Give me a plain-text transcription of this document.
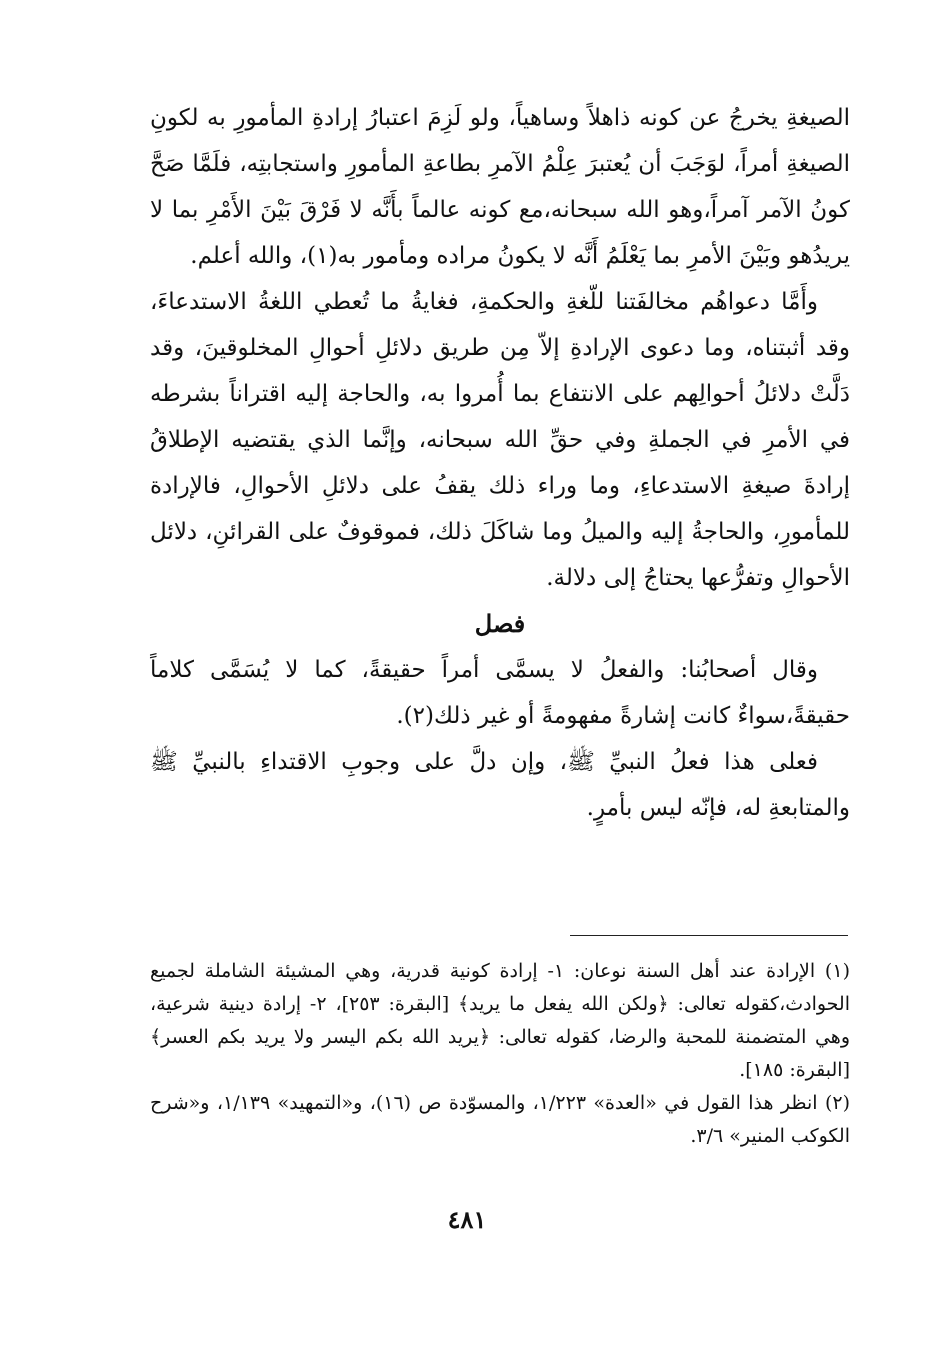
الصيغةِ يخرجُ عن كونه ذاهلاً وساهياً، ولو لَزِمَ اعتبارُ إرادةِ المأمورِ به لكونِ الصيغةِ أمراً، لوَجَبَ أن يُعتبرَ عِلْمُ الآمرِ بطاعةِ المأمورِ واستجابتِه، فلَمَّا صَحَّ كونُ الآمر آمراً،وهو الله سبحانه،مع كونه عالماً بأَنَّه لا فَرْقَ بَيْنَ الأَمْرِ بما لا يريدُهو وبَيْنَ الأمرِ بما يَعْلَمُ أَنَّه لا يكونُ مراده ومأمور به(١)، والله أعلم.

وأَمَّا دعواهُم مخالفَتنا للّغةِ والحكمةِ، فغايةُ ما تُعطي اللغةُ الاستدعاءَ، وقد أثبتناه، وما دعوى الإرادةِ إلاّ مِن طريق دلائلِ أحوالِ المخلوقينَ، وقد دَلَّتْ دلائلُ أحوالِهم على الانتفاع بما أُمروا به، والحاجة إليه اقتراناً بشرطه في الأمرِ في الجملةِ وفي حقِّ الله سبحانه، وإنَّما الذي يقتضيه الإطلاقُ إرادةَ صيغةِ الاستدعاءِ، وما وراء ذلك يقفُ على دلائلِ الأحوالِ، فالإرادة للمأمورِ، والحاجةُ إليه والميلُ وما شاكَلَ ذلك، فموقوفٌ على القرائنِ، دلائل الأحوالِ وتفرُّعها يحتاجُ إلى دلالة.

فصل

وقال أصحابُنا: والفعلُ لا يسمَّى أمراً حقيقةً، كما لا يُسَمَّى كلاماً حقيقةً،سواءٌ كانت إشارةً مفهومةً أو غير ذلك(٢).

فعلى هذا فعلُ النبيِّ ﷺ، وإن دلَّ على وجوبِ الاقتداءِ بالنبيِّ ﷺ والمتابعةِ له، فإنّه ليس بأمرٍ.

(١) الإرادة عند أهل السنة نوعان: ١- إرادة كونية قدرية، وهي المشيئة الشاملة لجميع الحوادث،كقوله تعالى: ﴿ولكن الله يفعل ما يريد﴾ [البقرة: ٢٥٣]، ٢- إرادة دينية شرعية، وهي المتضمنة للمحبة والرضا، كقوله تعالى: ﴿يريد الله بكم اليسر ولا يريد بكم العسر﴾ [البقرة: ١٨٥].

(٢) انظر هذا القول في «العدة» ١/٢٢٣، والمسوّدة ص (١٦)، و«التمهيد» ١/١٣٩، و«شرح الكوكب المنير» ٣/٦.

٤٨١
